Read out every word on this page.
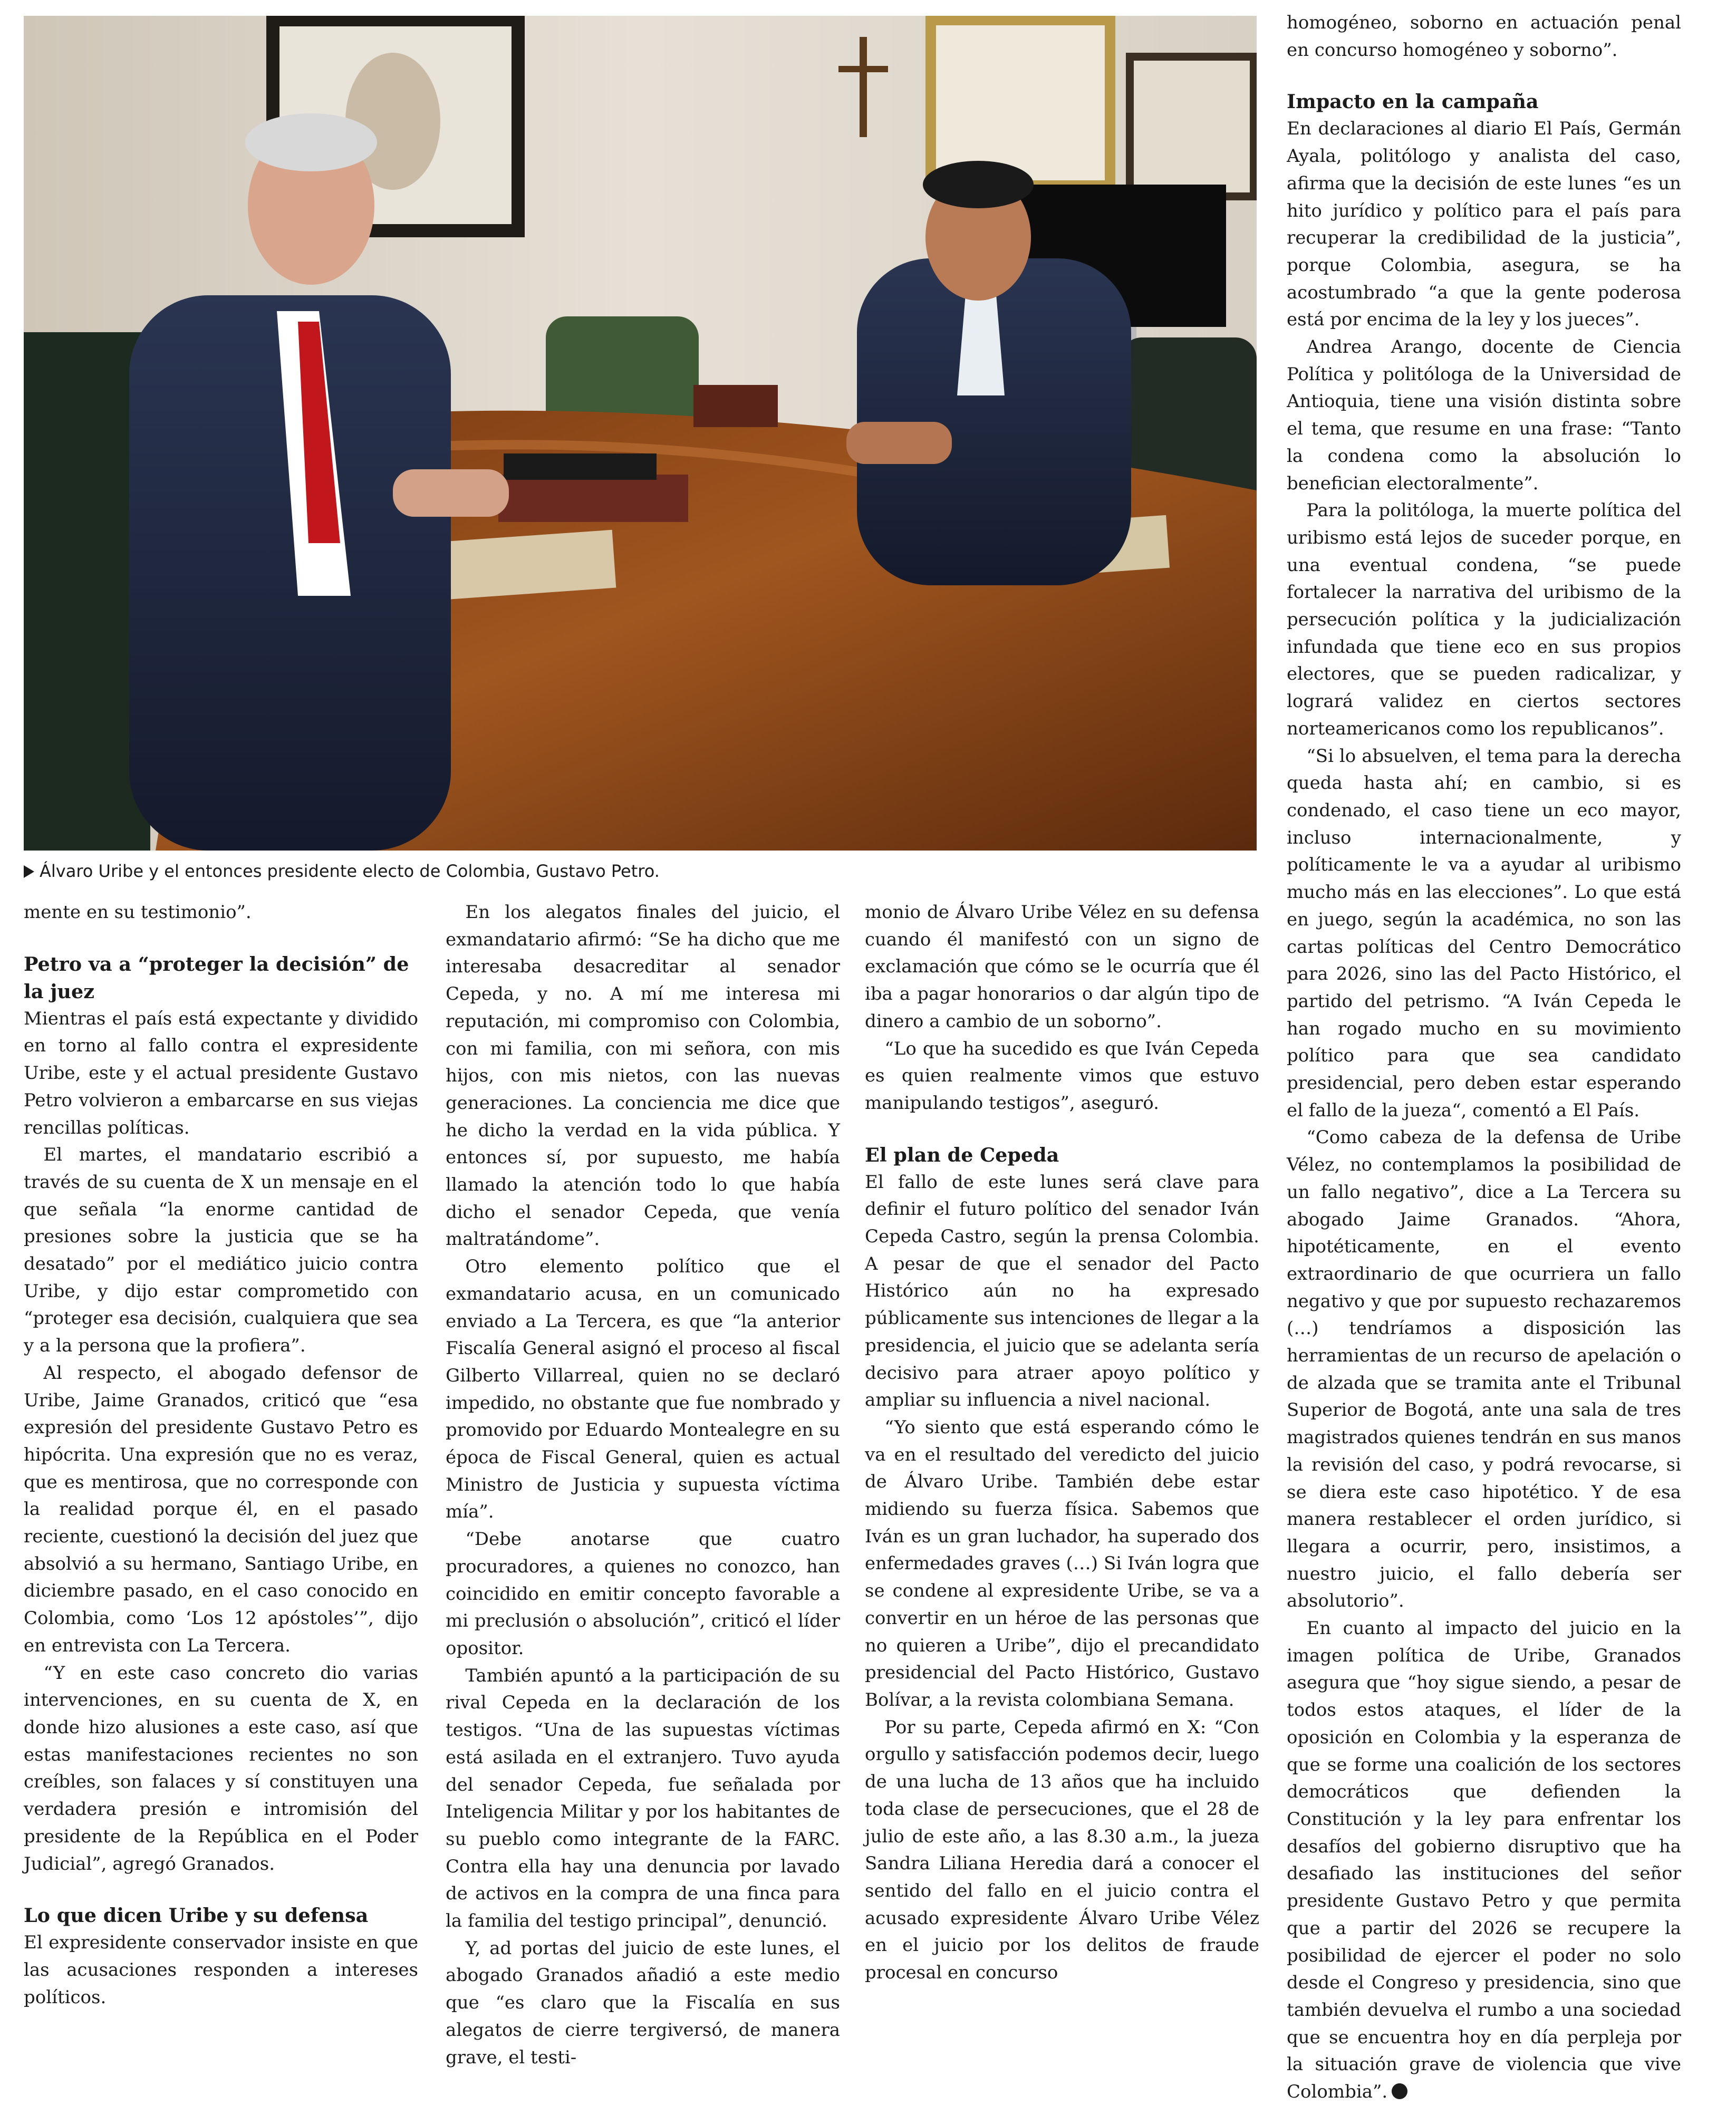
Álvaro Uribe y el entonces presidente electo de Colombia, Gustavo Petro.

mente en su testimonio”.

Petro va a “proteger la decisión” de la juez

Mientras el país está expectante y dividido en torno al fallo contra el expresidente Uribe, este y el actual presidente Gustavo Petro volvieron a embarcarse en sus viejas rencillas políticas.

El martes, el mandatario escribió a través de su cuenta de X un mensaje en el que señala “la enorme cantidad de presiones sobre la justicia que se ha desatado” por el mediático juicio contra Uribe, y dijo estar comprometido con “proteger esa decisión, cualquiera que sea y a la persona que la profiera”.

Al respecto, el abogado defensor de Uribe, Jaime Granados, criticó que “esa expresión del presidente Gustavo Petro es hipócrita. Una expresión que no es veraz, que es mentirosa, que no corresponde con la realidad porque él, en el pasado reciente, cuestionó la decisión del juez que absolvió a su hermano, Santiago Uribe, en diciembre pasado, en el caso conocido en Colombia, como ‘Los 12 apóstoles’”, dijo en entrevista con La Tercera.

“Y en este caso concreto dio varias intervenciones, en su cuenta de X, en donde hizo alusiones a este caso, así que estas manifestaciones recientes no son creíbles, son falaces y sí constituyen una verdadera presión e intromisión del presidente de la República en el Poder Judicial”, agregó Granados.

Lo que dicen Uribe y su defensa

El expresidente conservador insiste en que las acusaciones responden a intereses políticos.

En los alegatos finales del juicio, el exmandatario afirmó: “Se ha dicho que me interesaba desacreditar al senador Cepeda, y no. A mí me interesa mi reputación, mi compromiso con Colombia, con mi familia, con mi señora, con mis hijos, con mis nietos, con las nuevas generaciones. La conciencia me dice que he dicho la verdad en la vida pública. Y entonces sí, por supuesto, me había llamado la atención todo lo que había dicho el senador Cepeda, que venía maltratándome”.

Otro elemento político que el exmandatario acusa, en un comunicado enviado a La Tercera, es que “la anterior Fiscalía General asignó el proceso al fiscal Gilberto Villarreal, quien no se declaró impedido, no obstante que fue nombrado y promovido por Eduardo Montealegre en su época de Fiscal General, quien es actual Ministro de Justicia y supuesta víctima mía”.

“Debe anotarse que cuatro procuradores, a quienes no conozco, han coincidido en emitir concepto favorable a mi preclusión o absolución”, criticó el líder opositor.

También apuntó a la participación de su rival Cepeda en la declaración de los testigos. “Una de las supuestas víctimas está asilada en el extranjero. Tuvo ayuda del senador Cepeda, fue señalada por Inteligencia Militar y por los habitantes de su pueblo como integrante de la FARC. Contra ella hay una denuncia por lavado de activos en la compra de una finca para la familia del testigo principal”, denunció.

Y, ad portas del juicio de este lunes, el abogado Granados añadió a este medio que “es claro que la Fiscalía en sus alegatos de cierre tergiversó, de manera grave, el testi-

monio de Álvaro Uribe Vélez en su defensa cuando él manifestó con un signo de exclamación que cómo se le ocurría que él iba a pagar honorarios o dar algún tipo de dinero a cambio de un soborno”.

“Lo que ha sucedido es que Iván Cepeda es quien realmente vimos que estuvo manipulando testigos”, aseguró.

El plan de Cepeda

El fallo de este lunes será clave para definir el futuro político del senador Iván Cepeda Castro, según la prensa Colombia. A pesar de que el senador del Pacto Histórico aún no ha expresado públicamente sus intenciones de llegar a la presidencia, el juicio que se adelanta sería decisivo para atraer apoyo político y ampliar su influencia a nivel nacional.

“Yo siento que está esperando cómo le va en el resultado del veredicto del juicio de Álvaro Uribe. También debe estar midiendo su fuerza física. Sabemos que Iván es un gran luchador, ha superado dos enfermedades graves (…) Si Iván logra que se condene al expresidente Uribe, se va a convertir en un héroe de las personas que no quieren a Uribe”, dijo el precandidato presidencial del Pacto Histórico, Gustavo Bolívar, a la revista colombiana Semana.

Por su parte, Cepeda afirmó en X: “Con orgullo y satisfacción podemos decir, luego de una lucha de 13 años que ha incluido toda clase de persecuciones, que el 28 de julio de este año, a las 8.30 a.m., la jueza Sandra Liliana Heredia dará a conocer el sentido del fallo en el juicio contra el acusado expresidente Álvaro Uribe Vélez en el juicio por los delitos de fraude procesal en concurso

homogéneo, soborno en actuación penal en concurso homogéneo y soborno”.

Impacto en la campaña

En declaraciones al diario El País, Germán Ayala, politólogo y analista del caso, afirma que la decisión de este lunes “es un hito jurídico y político para el país para recuperar la credibilidad de la justicia”, porque Colombia, asegura, se ha acostumbrado “a que la gente poderosa está por encima de la ley y los jueces”.

Andrea Arango, docente de Ciencia Política y politóloga de la Universidad de Antioquia, tiene una visión distinta sobre el tema, que resume en una frase: “Tanto la condena como la absolución lo benefician electoralmente”.

Para la politóloga, la muerte política del uribismo está lejos de suceder porque, en una eventual condena, “se puede fortalecer la narrativa del uribismo de la persecución política y la judicialización infundada que tiene eco en sus propios electores, que se pueden radicalizar, y logrará validez en ciertos sectores norteamericanos como los republicanos”.

“Si lo absuelven, el tema para la derecha queda hasta ahí; en cambio, si es condenado, el caso tiene un eco mayor, incluso internacionalmente, y políticamente le va a ayudar al uribismo mucho más en las elecciones”. Lo que está en juego, según la académica, no son las cartas políticas del Centro Democrático para 2026, sino las del Pacto Histórico, el partido del petrismo. “A Iván Cepeda le han rogado mucho en su movimiento político para que sea candidato presidencial, pero deben estar esperando el fallo de la jueza“, comentó a El País.

“Como cabeza de la defensa de Uribe Vélez, no contemplamos la posibilidad de un fallo negativo”, dice a La Tercera su abogado Jaime Granados. “Ahora, hipotéticamente, en el evento extraordinario de que ocurriera un fallo negativo y que por supuesto rechazaremos (…) tendríamos a disposición las herramientas de un recurso de apelación o de alzada que se tramita ante el Tribunal Superior de Bogotá, ante una sala de tres magistrados quienes tendrán en sus manos la revisión del caso, y podrá revocarse, si se diera este caso hipotético. Y de esa manera restablecer el orden jurídico, si llegara a ocurrir, pero, insistimos, a nuestro juicio, el fallo debería ser absolutorio”.

En cuanto al impacto del juicio en la imagen política de Uribe, Granados asegura que “hoy sigue siendo, a pesar de todos estos ataques, el líder de la oposición en Colombia y la esperanza de que se forme una coalición de los sectores democráticos que defienden la Constitución y la ley para enfrentar los desafíos del gobierno disruptivo que ha desafiado las instituciones del señor presidente Gustavo Petro y que permita que a partir del 2026 se recupere la posibilidad de ejercer el poder no solo desde el Congreso y presidencia, sino que también devuelva el rumbo a una sociedad que se encuentra hoy en día perpleja por la situación grave de violencia que vive Colombia”.
